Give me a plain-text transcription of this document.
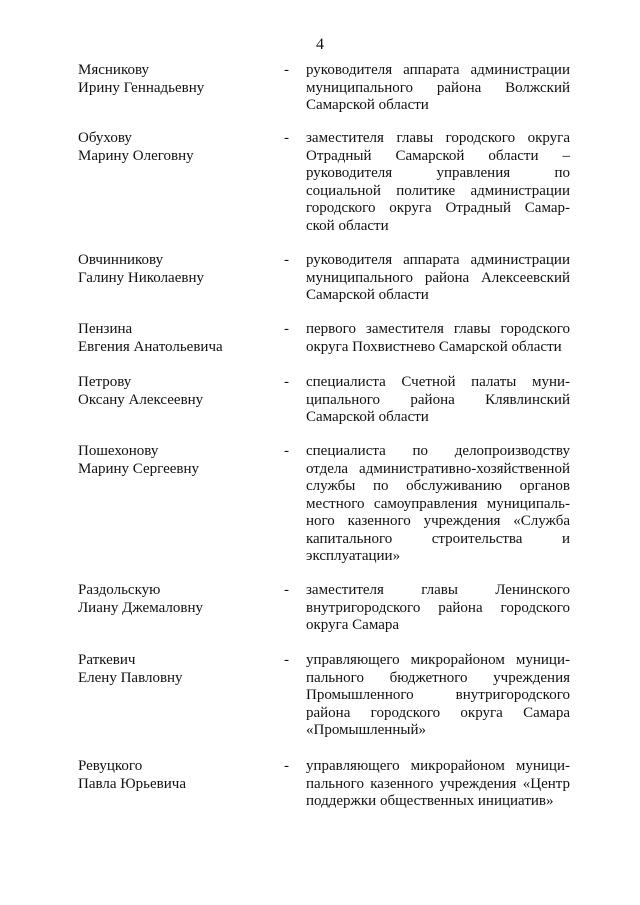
4
Мясникову
Ирину Геннадьевну
- руководителя аппарата администрации
муниципального района Волжский
Самарской области
Обухову
Марину Олеговну
- заместителя главы городского округа
Отрадный Самарской области –
руководителя управления по
социальной политике администрации
городского округа Отрадный Самар-
ской области
Овчинникову
Галину Николаевну
- руководителя аппарата администрации
муниципального района Алексеевский
Самарской области
Пензина
Евгения Анатольевича
- первого заместителя главы городского
округа Похвистнево Самарской области
Петрову
Оксану Алексеевну
- специалиста Счетной палаты муни-
ципального района Клявлинский
Самарской области
Пошехонову
Марину Сергеевну
- специалиста по делопроизводству
отдела административно-хозяйственной
службы по обслуживанию органов
местного самоуправления муниципаль-
ного казенного учреждения «Служба
капитального строительства и
эксплуатации»
Раздольскую
Лиану Джемаловну
- заместителя главы Ленинского
внутригородского района городского
округа Самара
Раткевич
Елену Павловну
- управляющего микрорайоном муници-
пального бюджетного учреждения
Промышленного внутригородского
района городского округа Самара
«Промышленный»
Ревуцкого
Павла Юрьевича
- управляющего микрорайоном муници-
пального казенного учреждения «Центр
поддержки общественных инициатив»
